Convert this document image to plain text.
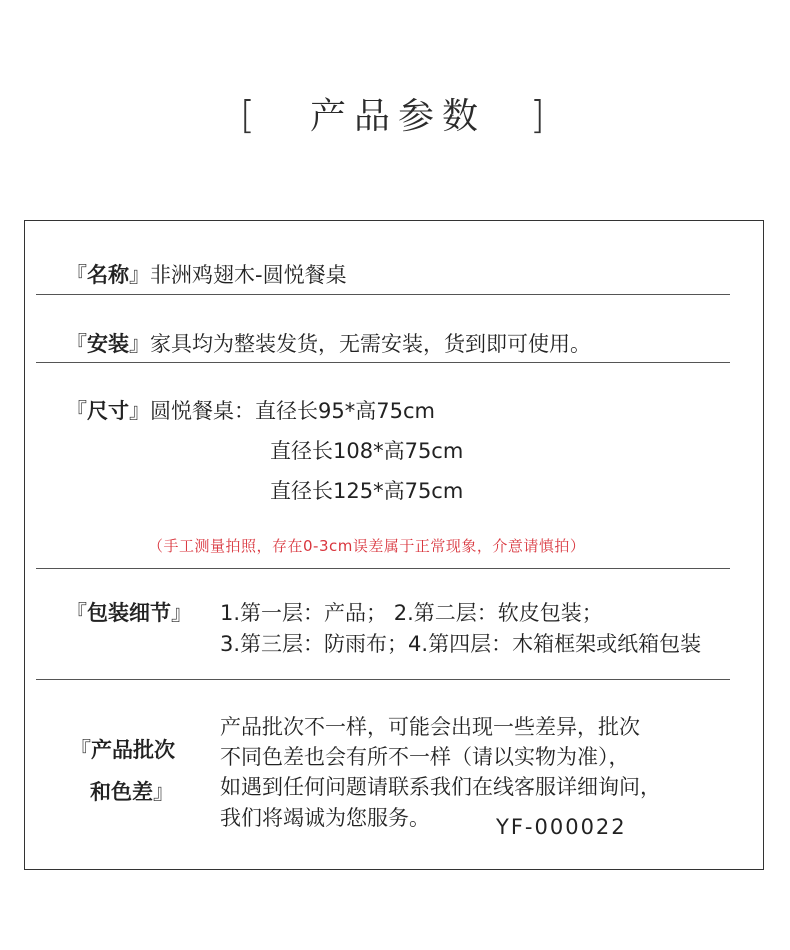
[ 产品参数 ]
『名称』非洲鸡翅木-圆悦餐桌
『安装』家具均为整装发货，无需安装，货到即可使用。
『尺寸』圆悦餐桌：直径长95*高75cm
直径长108*高75cm
直径长125*高75cm
（手工测量拍照，存在0-3cm误差属于正常现象，介意请慎拍）
『包装细节』 1.第一层：产品； 2.第二层：软皮包装；
3.第三层：防雨布；4.第四层：木箱框架或纸箱包装
『产品批次
和色差』
产品批次不一样，可能会出现一些差异，批次
不同色差也会有所不一样（请以实物为准），
如遇到任何问题请联系我们在线客服详细询问，
我们将竭诚为您服务。	YF-000022
